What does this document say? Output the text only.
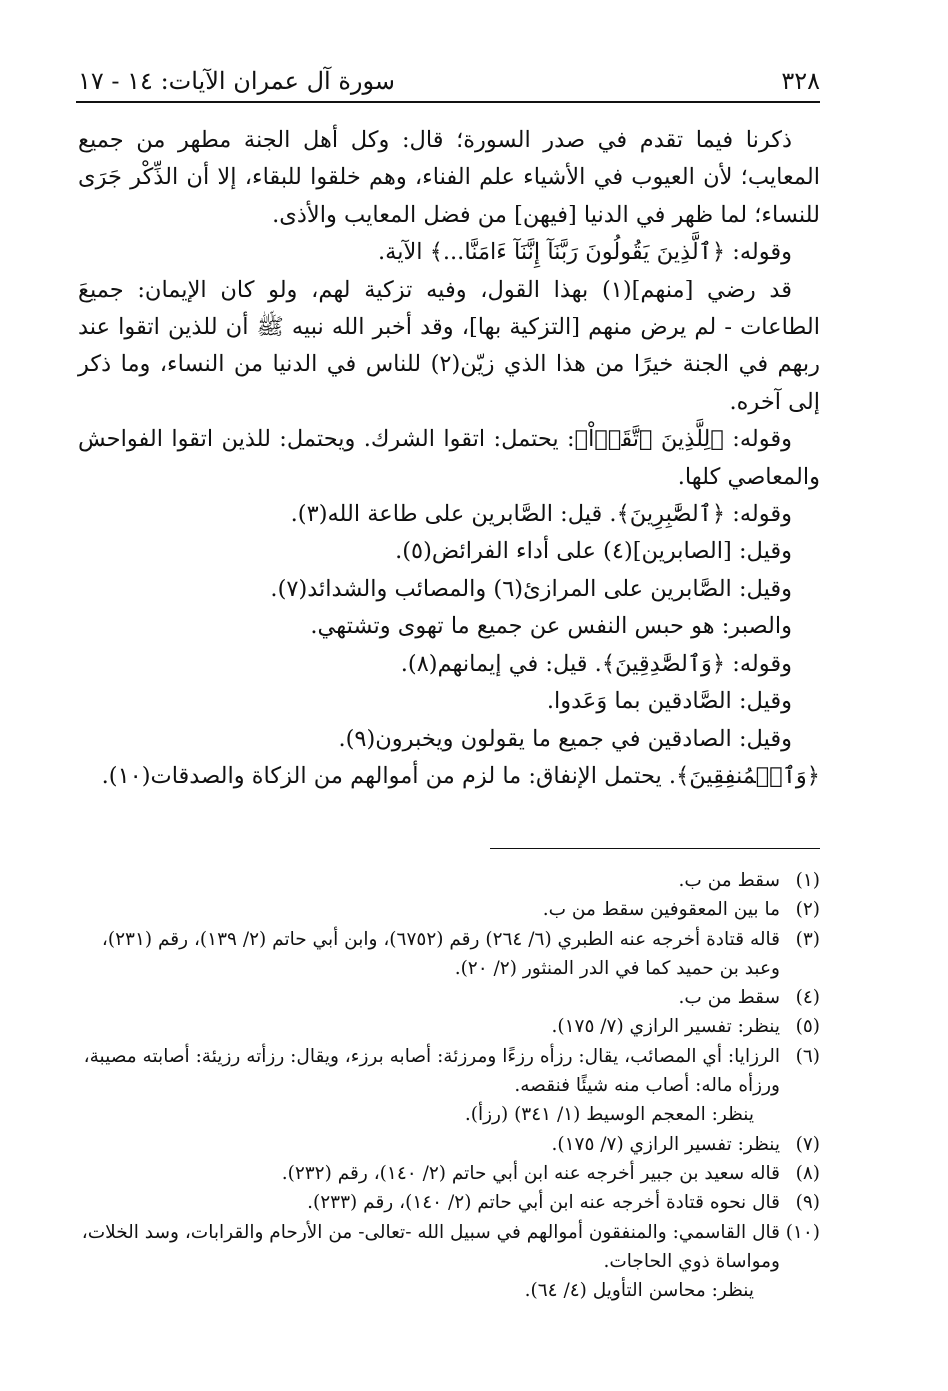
٣٢٨
سورة آل عمران الآيات: ١٤ - ١٧

ذكرنا فيما تقدم في صدر السورة؛ قال: وكل أهل الجنة مطهر من جميع المعايب؛ لأن العيوب في الأشياء علم الفناء، وهم خلقوا للبقاء، إلا أن الذِّكْر جَرَى للنساء؛ لما ظهر في الدنيا [فيهن] من فضل المعايب والأذى.

وقوله: ﴿ٱلَّذِينَ يَقُولُونَ رَبَّنَآ إِنَّنَآ ءَامَنَّا...﴾ الآية.

قد رضي [منهم](١) بهذا القول، وفيه تزكية لهم، ولو كان الإيمان: جميعَ الطاعات - لم يرض منهم [التزكية بها]، وقد أخبر الله نبيه ﷺ أن للذين اتقوا عند ربهم في الجنة خيرًا من هذا الذي زيّن(٢) للناس في الدنيا من النساء، وما ذكر إلى آخره.

وقوله: ﴿لِلَّذِينَ ٱتَّقَوۡاْ﴾: يحتمل: اتقوا الشرك. ويحتمل: للذين اتقوا الفواحش والمعاصي كلها.

وقوله: ﴿ٱلصَّٰبِرِينَ﴾. قيل: الصَّابرين على طاعة الله(٣).

وقيل: [الصابرين](٤) على أداء الفرائض(٥).

وقيل: الصَّابرين على المرازئ(٦) والمصائب والشدائد(٧).

والصبر: هو حبس النفس عن جميع ما تهوى وتشتهي.

وقوله: ﴿وَٱلصَّٰدِقِينَ﴾. قيل: في إيمانهم(٨).

وقيل: الصَّادقين بما وَعَدوا.

وقيل: الصادقين في جميع ما يقولون ويخبرون(٩).

﴿وَٱلۡمُنفِقِينَ﴾. يحتمل الإنفاق: ما لزم من أموالهم من الزكاة والصدقات(١٠).

(١)
سقط من ب.
(٢)
ما بين المعقوفين سقط من ب.
(٣)
قاله قتادة أخرجه عنه الطبري (٦/ ٢٦٤) رقم (٦٧٥٢)، وابن أبي حاتم (٢/ ١٣٩)، رقم (٢٣١)،

وعبد بن حميد كما في الدر المنثور (٢/ ٢٠).

(٤)
سقط من ب.
(٥)
ينظر: تفسير الرازي (٧/ ١٧٥).
(٦)
الرزايا: أي المصائب، يقال: رزأه رزءًا ومرزئة: أصابه برزء، ويقال: رزأته رزيئة: أصابته مصيبة،

ورزأه ماله: أصاب منه شيئًا فنقصه.

ينظر: المعجم الوسيط (١/ ٣٤١) (رزأ).

(٧)
ينظر: تفسير الرازي (٧/ ١٧٥).
(٨)
قاله سعيد بن جبير أخرجه عنه ابن أبي حاتم (٢/ ١٤٠)، رقم (٢٣٢).
(٩)
قال نحوه قتادة أخرجه عنه ابن أبي حاتم (٢/ ١٤٠)، رقم (٢٣٣).
(١٠)
قال القاسمي: والمنفقون أموالهم في سبيل الله -تعالى- من الأرحام والقرابات، وسد الخلات،

ومواساة ذوي الحاجات.

ينظر: محاسن التأويل (٤/ ٦٤).
